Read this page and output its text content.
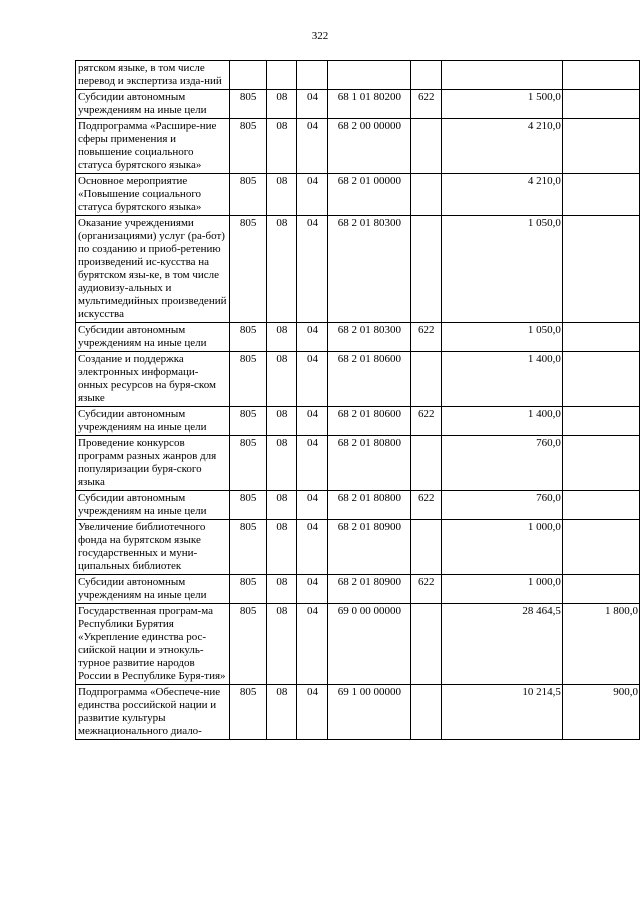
322
рятском языке, в том числе перевод и экспертиза изда-ний							
Субсидии автономным учреждениям на иные цели	805	08	04	68 1 01 80200	622	1 500,0	
Подпрограмма «Расшире-ние сферы применения и повышение социального статуса бурятского языка»	805	08	04	68 2 00 00000		4 210,0	
Основное мероприятие «Повышение социального статуса бурятского языка»	805	08	04	68 2 01 00000		4 210,0	
Оказание учреждениями (организациями) услуг (ра-бот) по созданию и приоб-ретению произведений ис-кусства на бурятском язы-ке, в том числе аудиовизу-альных и мультимедийных произведений искусства	805	08	04	68 2 01 80300		1 050,0	
Субсидии автономным учреждениям на иные цели	805	08	04	68 2 01 80300	622	1 050,0	
Создание и поддержка электронных информаци-онных ресурсов на буря-ском языке	805	08	04	68 2 01 80600		1 400,0	
Субсидии автономным учреждениям на иные цели	805	08	04	68 2 01 80600	622	1 400,0	
Проведение конкурсов программ разных жанров для популяризации буря-ского языка	805	08	04	68 2 01 80800		760,0	
Субсидии автономным учреждениям на иные цели	805	08	04	68 2 01 80800	622	760,0	
Увеличение библиотечного фонда на бурятском языке государственных и муни-ципальных библиотек	805	08	04	68 2 01 80900		1 000,0	
Субсидии автономным учреждениям на иные цели	805	08	04	68 2 01 80900	622	1 000,0	
Государственная програм-ма Республики Бурятия «Укрепление единства рос-сийской нации и этнокуль-турное развитие народов России в Республике Буря-тия»	805	08	04	69 0 00 00000		28 464,5	1 800,0
Подпрограмма «Обеспече-ние единства российской нации и развитие культуры межнационального диало-	805	08	04	69 1 00 00000		10 214,5	900,0
